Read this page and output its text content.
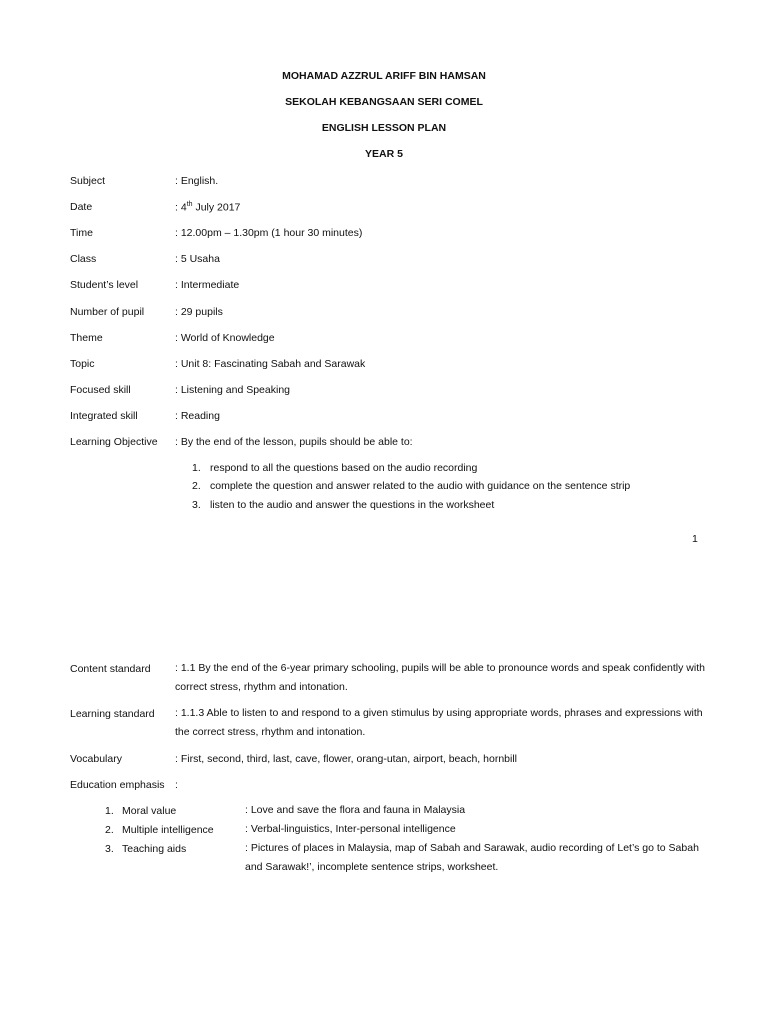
MOHAMAD AZZRUL ARIFF BIN HAMSAN
SEKOLAH KEBANGSAAN SERI COMEL
ENGLISH LESSON PLAN
YEAR 5
Subject	: English.
Date	: 4th July 2017
Time	: 12.00pm – 1.30pm (1 hour 30 minutes)
Class	: 5 Usaha
Student’s level	: Intermediate
Number of pupil	: 29 pupils
Theme	: World of Knowledge
Topic	: Unit 8: Fascinating Sabah and Sarawak
Focused skill	: Listening and Speaking
Integrated skill	: Reading
Learning Objective : By the end of the lesson, pupils should be able to:
1. respond to all the questions based on the audio recording
2. complete the question and answer related to the audio with guidance on the sentence strip
3. listen to the audio and answer the questions in the worksheet
1
Content standard : 1.1 By the end of the 6-year primary schooling, pupils will be able to pronounce words and speak confidently with correct stress, rhythm and intonation.
Learning standard : 1.1.3 Able to listen to and respond to a given stimulus by using appropriate words, phrases and expressions with the correct stress, rhythm and intonation.
Vocabulary	: First, second, third, last, cave, flower, orang-utan, airport, beach, hornbill
Education emphasis :
1. Moral value	: Love and save the flora and fauna in Malaysia
2. Multiple intelligence	: Verbal-linguistics, Inter-personal intelligence
3. Teaching aids	: Pictures of places in Malaysia, map of Sabah and Sarawak, audio recording of Let’s go to Sabah and Sarawak!’, incomplete sentence strips, worksheet.
